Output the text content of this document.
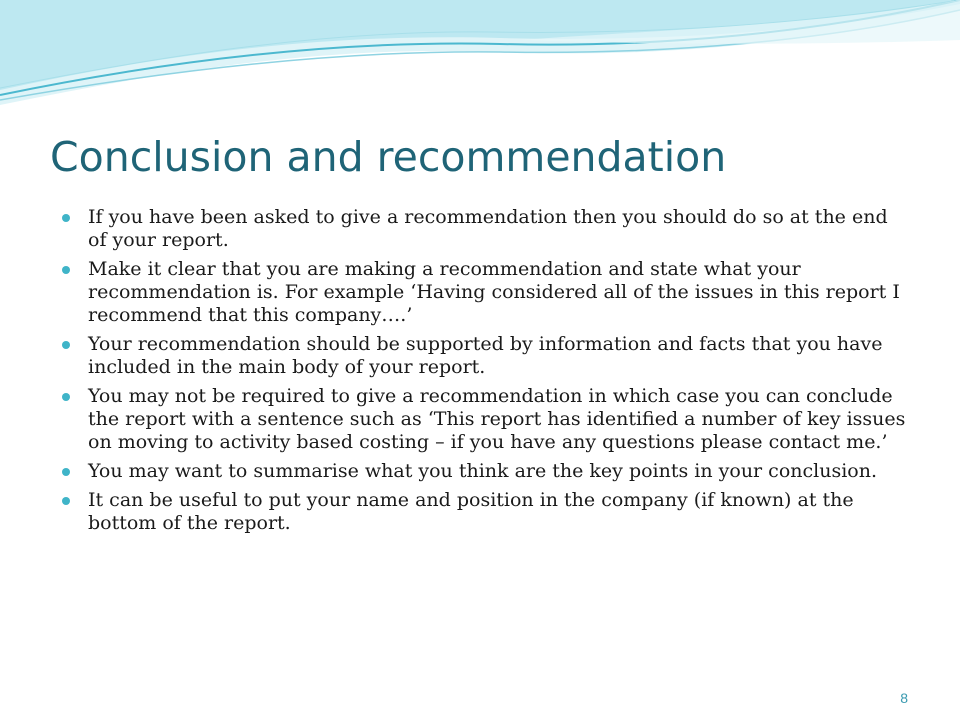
Conclusion and recommendation
If you have been asked to give a recommendation then you should do so at the end of your report.
Make it clear that you are making a recommendation and state what your recommendation is. For example ‘Having considered all of the issues in this report I recommend that this company….’
Your recommendation should be supported by information and facts that you have included in the main body of your report.
You may not be required to give a recommendation in which case you can conclude the report with a sentence such as ‘This report has identified a number of key issues on moving to activity based costing – if you have any questions please contact me.’
You may want to summarise what you think are the key points in your conclusion.
It can be useful to put your name and position in the company (if known) at the bottom of the report.
8
